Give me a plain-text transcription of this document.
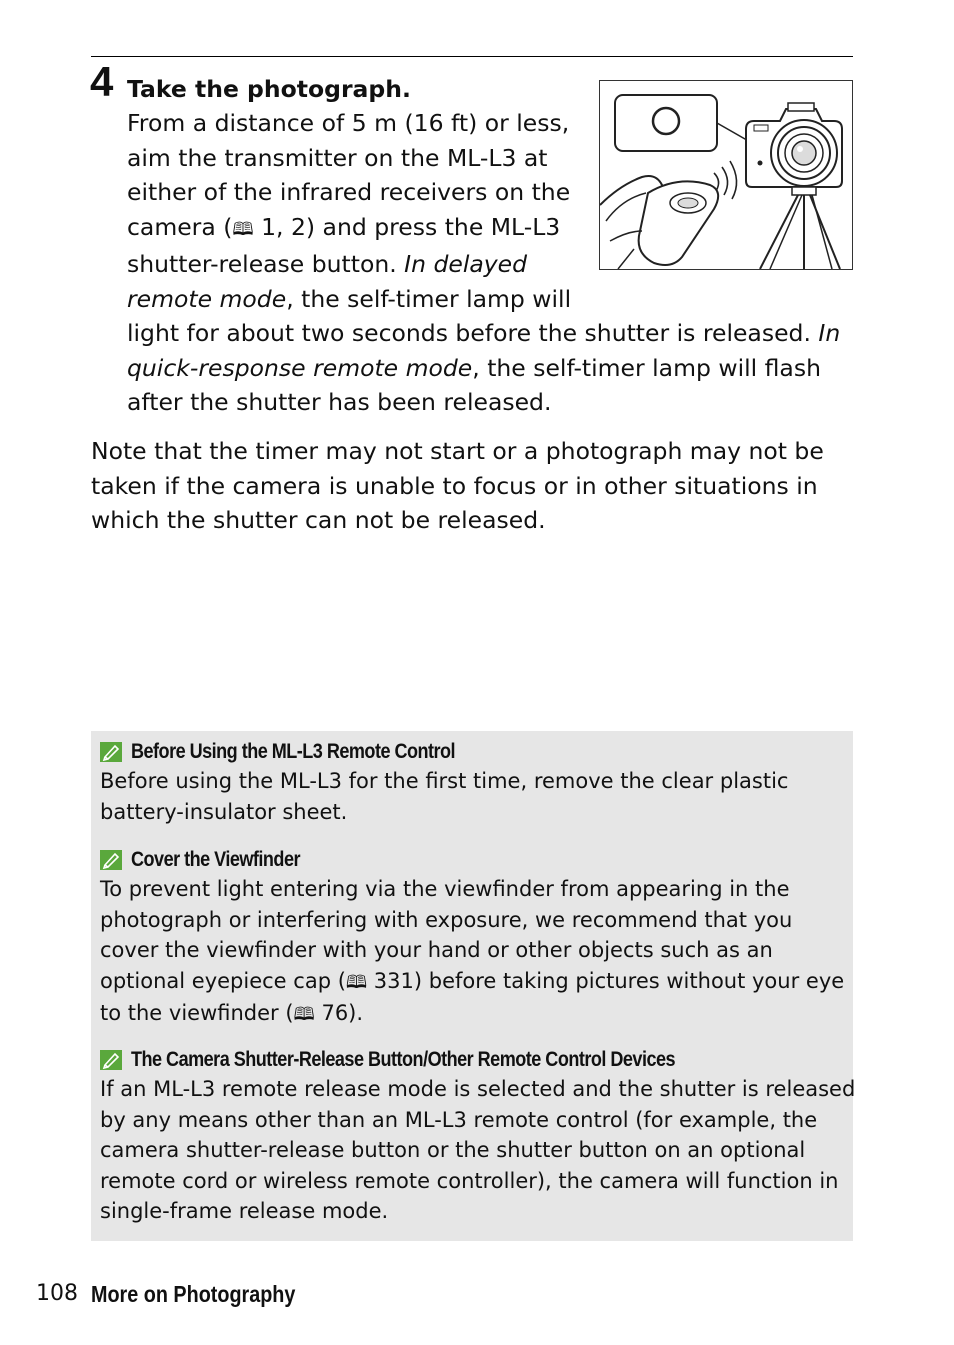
4 Take the photograph.
From a distance of 5 m (16 ft) or less,
aim the transmitter on the ML-L3 at
either of the infrared receivers on the
camera (🕮 1, 2) and press the ML-L3
shutter-release button. In delayed
remote mode, the self-timer lamp will
light for about two seconds before the shutter is released. In
quick-response remote mode, the self-timer lamp will flash
after the shutter has been released.
Note that the timer may not start or a photograph may not be
taken if the camera is unable to focus or in other situations in
which the shutter can not be released.
Before Using the ML-L3 Remote Control
Before using the ML-L3 for the first time, remove the clear plastic
battery-insulator sheet.
Cover the Viewfinder
To prevent light entering via the viewfinder from appearing in the
photograph or interfering with exposure, we recommend that you
cover the viewfinder with your hand or other objects such as an
optional eyepiece cap (🕮 331) before taking pictures without your eye
to the viewfinder (🕮 76).
The Camera Shutter-Release Button/Other Remote Control Devices
If an ML-L3 remote release mode is selected and the shutter is released
by any means other than an ML-L3 remote control (for example, the
camera shutter-release button or the shutter button on an optional
remote cord or wireless remote controller), the camera will function in
single-frame release mode.
108 More on Photography
